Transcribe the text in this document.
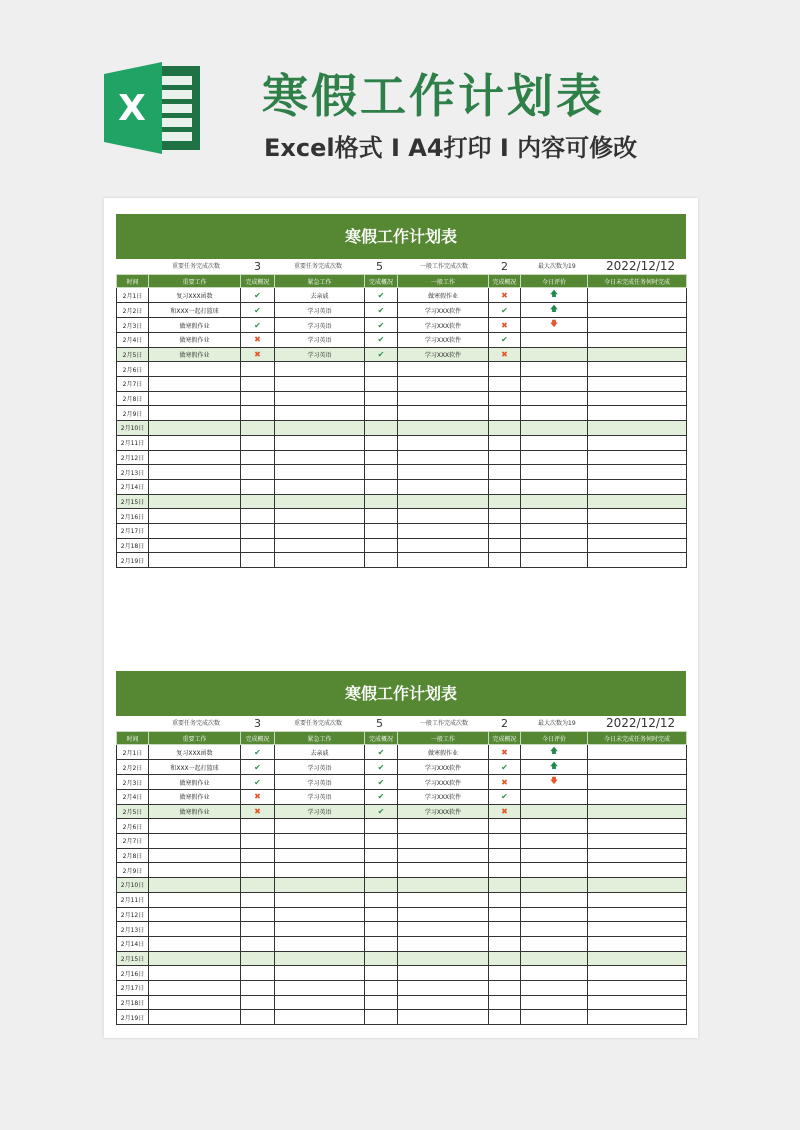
X	寒假工作计划表
Excel格式 I A4打印 I 内容可修改
寒假工作计划表
重要任务完成次数	3	重要任务完成次数	5	一般工作完成次数	2	最大次数为19	2022/12/12
时间	重要工作	完成概况	紧急工作	完成概况	一般工作	完成概况	今日评价	今日未完成任务何时完成
2月1日	复习XXX函数	✔	去亲戚	✔	做寒假作业	✖	🡅	
2月2日	和XXX一起打篮球	✔	学习英语	✔	学习XXX软件	✔	🡅	
2月3日	做寒假作业	✔	学习英语	✔	学习XXX软件	✖	🡇	
2月4日	做寒假作业	✖	学习英语	✔	学习XXX软件	✔		
2月5日	做寒假作业	✖	学习英语	✔	学习XXX软件	✖		
2月6日								
2月7日								
2月8日								
2月9日								
2月10日								
2月11日								
2月12日								
2月13日								
2月14日								
2月15日								
2月16日								
2月17日								
2月18日								
2月19日								
寒假工作计划表
重要任务完成次数	3	重要任务完成次数	5	一般工作完成次数	2	最大次数为19	2022/12/12
时间	重要工作	完成概况	紧急工作	完成概况	一般工作	完成概况	今日评价	今日未完成任务何时完成
2月1日	复习XXX函数	✔	去亲戚	✔	做寒假作业	✖	🡅	
2月2日	和XXX一起打篮球	✔	学习英语	✔	学习XXX软件	✔	🡅	
2月3日	做寒假作业	✔	学习英语	✔	学习XXX软件	✖	🡇	
2月4日	做寒假作业	✖	学习英语	✔	学习XXX软件	✔		
2月5日	做寒假作业	✖	学习英语	✔	学习XXX软件	✖		
2月6日								
2月7日								
2月8日								
2月9日								
2月10日								
2月11日								
2月12日								
2月13日								
2月14日								
2月15日								
2月16日								
2月17日								
2月18日								
2月19日								
